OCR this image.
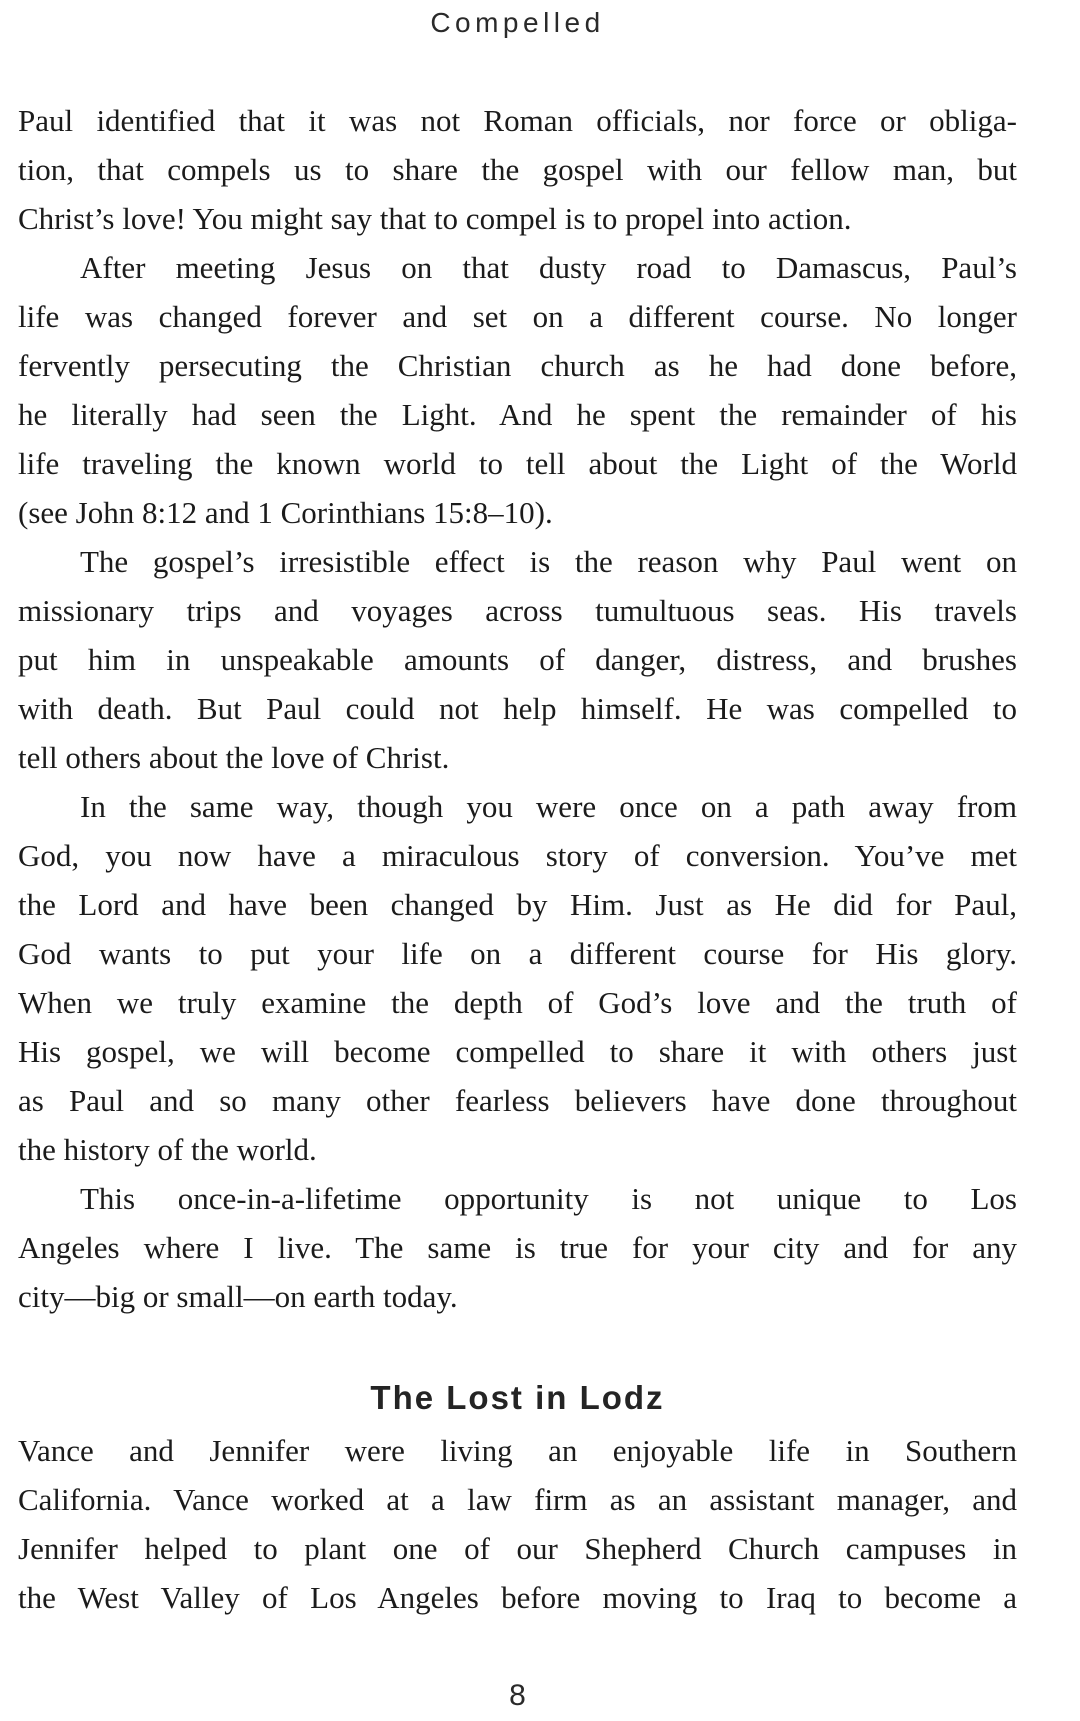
Compelled
Paul identified that it was not Roman officials, nor force or obliga-
tion, that compels us to share the gospel with our fellow man, but
Christ’s love! You might say that to compel is to propel into action.
After meeting Jesus on that dusty road to Damascus, Paul’s
life was changed forever and set on a different course. No longer
fervently persecuting the Christian church as he had done before,
he literally had seen the Light. And he spent the remainder of his
life traveling the known world to tell about the Light of the World
(see John 8:12 and 1 Corinthians 15:8–10).
The gospel’s irresistible effect is the reason why Paul went on
missionary trips and voyages across tumultuous seas. His travels
put him in unspeakable amounts of danger, distress, and brushes
with death. But Paul could not help himself. He was compelled to
tell others about the love of Christ.
In the same way, though you were once on a path away from
God, you now have a miraculous story of conversion. You’ve met
the Lord and have been changed by Him. Just as He did for Paul,
God wants to put your life on a different course for His glory.
When we truly examine the depth of God’s love and the truth of
His gospel, we will become compelled to share it with others just
as Paul and so many other fearless believers have done throughout
the history of the world.
This once-in-a-lifetime opportunity is not unique to Los
Angeles where I live. The same is true for your city and for any
city—big or small—on earth today.
The Lost in Lodz
Vance and Jennifer were living an enjoyable life in Southern
California. Vance worked at a law firm as an assistant manager, and
Jennifer helped to plant one of our Shepherd Church campuses in
the West Valley of Los Angeles before moving to Iraq to become a
8
